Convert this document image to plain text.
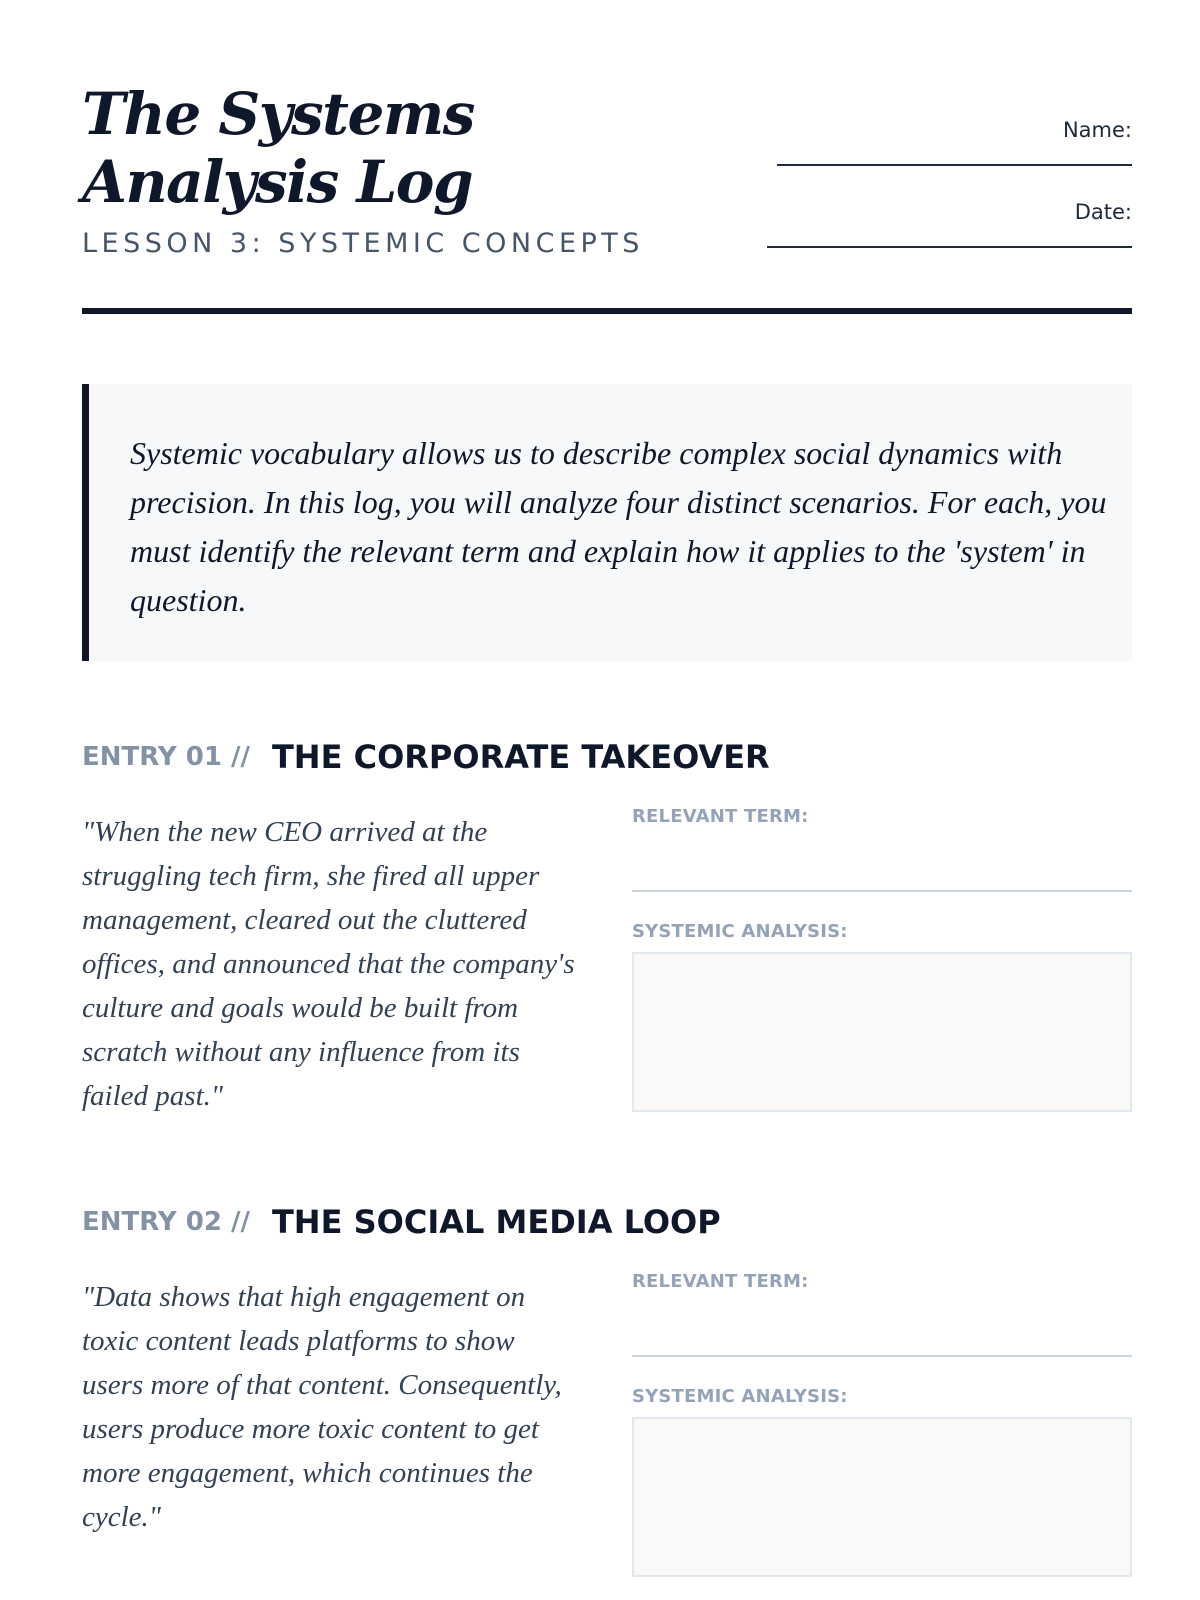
The Systems Analysis Log
LESSON 3: SYSTEMIC CONCEPTS
Name:
Date:

Systemic vocabulary allows us to describe complex social dynamics with precision. In this log, you will analyze four distinct scenarios. For each, you must identify the relevant term and explain how it applies to the 'system' in question.

ENTRY 01 // THE CORPORATE TAKEOVER

"When the new CEO arrived at the struggling tech firm, she fired all upper management, cleared out the cluttered offices, and announced that the company's culture and goals would be built from scratch without any influence from its failed past."

RELEVANT TERM:
SYSTEMIC ANALYSIS:
ENTRY 02 // THE SOCIAL MEDIA LOOP

"Data shows that high engagement on toxic content leads platforms to show users more of that content. Consequently, users produce more toxic content to get more engagement, which continues the cycle."

RELEVANT TERM:
SYSTEMIC ANALYSIS:
